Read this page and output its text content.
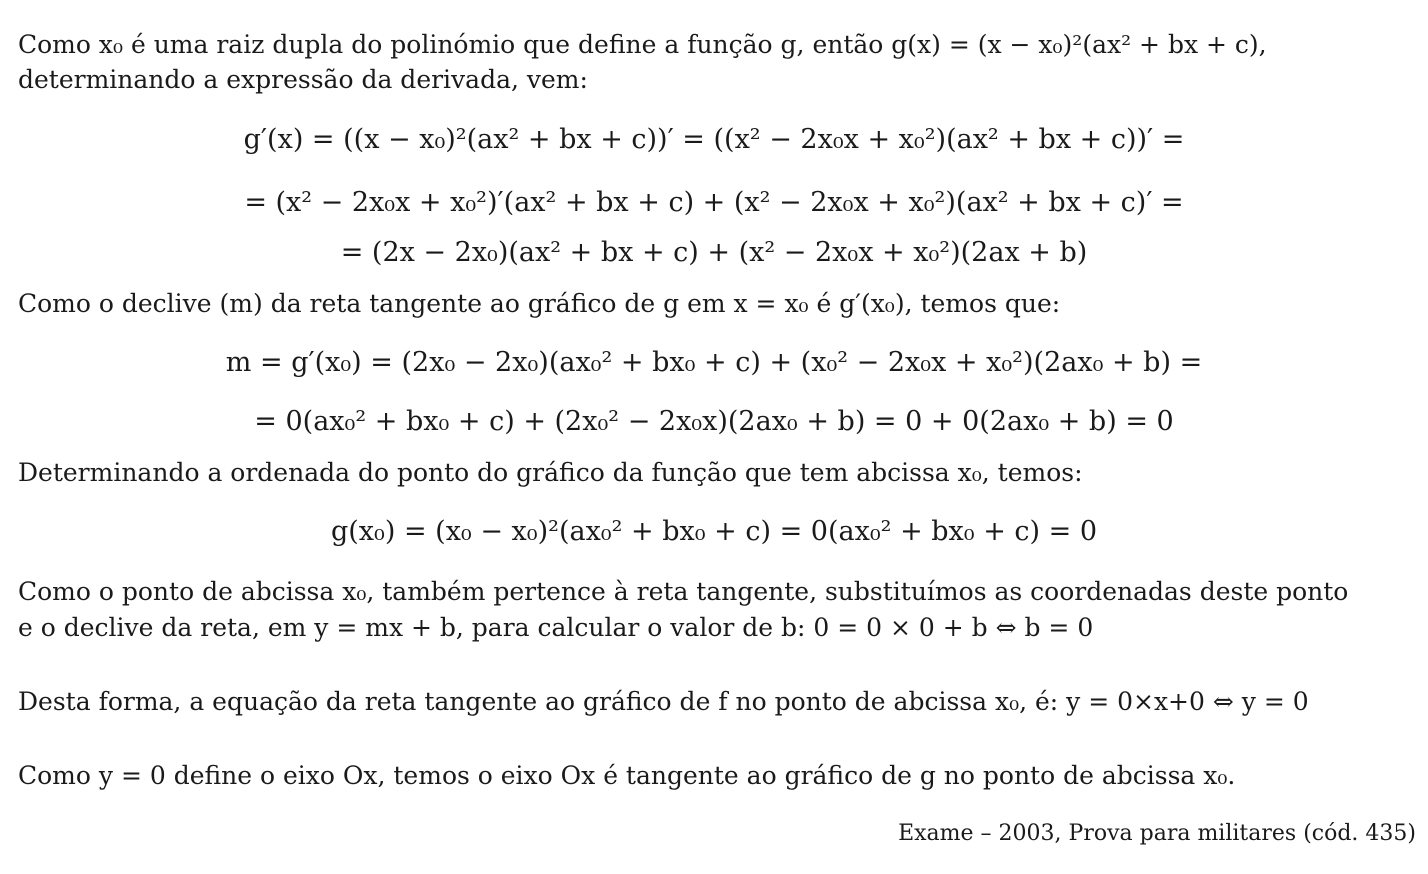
Como x₀ é uma raiz dupla do polinómio que define a função g, então g(x) = (x − x₀)²(ax² + bx + c),
determinando a expressão da derivada, vem:
g′(x) = ((x − x₀)²(ax² + bx + c))′ = ((x² − 2x₀x + x₀²)(ax² + bx + c))′ =
= (x² − 2x₀x + x₀²)′(ax² + bx + c) + (x² − 2x₀x + x₀²)(ax² + bx + c)′ =
= (2x − 2x₀)(ax² + bx + c) + (x² − 2x₀x + x₀²)(2ax + b)
Como o declive (m) da reta tangente ao gráfico de g em x = x₀ é g′(x₀), temos que:
m = g′(x₀) = (2x₀ − 2x₀)(ax₀² + bx₀ + c) + (x₀² − 2x₀x + x₀²)(2ax₀ + b) =
= 0(ax₀² + bx₀ + c) + (2x₀² − 2x₀x)(2ax₀ + b) = 0 + 0(2ax₀ + b) = 0
Determinando a ordenada do ponto do gráfico da função que tem abcissa x₀, temos:
g(x₀) = (x₀ − x₀)²(ax₀² + bx₀ + c) = 0(ax₀² + bx₀ + c) = 0
Como o ponto de abcissa x₀, também pertence à reta tangente, substituímos as coordenadas deste ponto
e o declive da reta, em y = mx + b, para calcular o valor de b: 0 = 0 × 0 + b ⇔ b = 0
Desta forma, a equação da reta tangente ao gráfico de f no ponto de abcissa x₀, é: y = 0×x+0 ⇔ y = 0
Como y = 0 define o eixo Ox, temos o eixo Ox é tangente ao gráfico de g no ponto de abcissa x₀.
Exame – 2003, Prova para militares (cód. 435)
